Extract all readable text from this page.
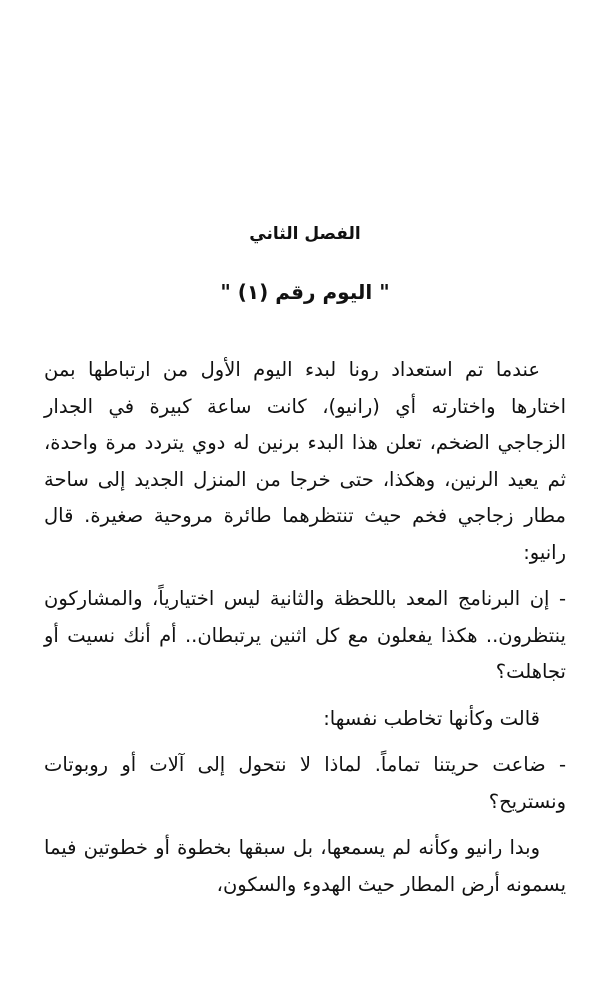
الفصل الثاني
" اليوم رقم (١) "

عندما تم استعداد رونا لبدء اليوم الأول من ارتباطها بمن اختارها واختارته أي (رانيو)، كانت ساعة كبيرة في الجدار الزجاجي الضخم، تعلن هذا البدء برنين له دوي يتردد مرة واحدة، ثم يعيد الرنين، وهكذا، حتى خرجا من المنزل الجديد إلى ساحة مطار زجاجي فخم حيث تنتظرهما طائرة مروحية صغيرة. قال رانيو:

- إن البرنامج المعد باللحظة والثانية ليس اختيارياً، والمشاركون ينتظرون.. هكذا يفعلون مع كل اثنين يرتبطان.. أم أنك نسيت أو تجاهلت؟

قالت وكأنها تخاطب نفسها:

- ضاعت حريتنا تماماً. لماذا لا نتحول إلى آلات أو روبوتات ونستريح؟

وبدا رانيو وكأنه لم يسمعها، بل سبقها بخطوة أو خطوتين فيما يسمونه أرض المطار حيث الهدوء والسكون،
